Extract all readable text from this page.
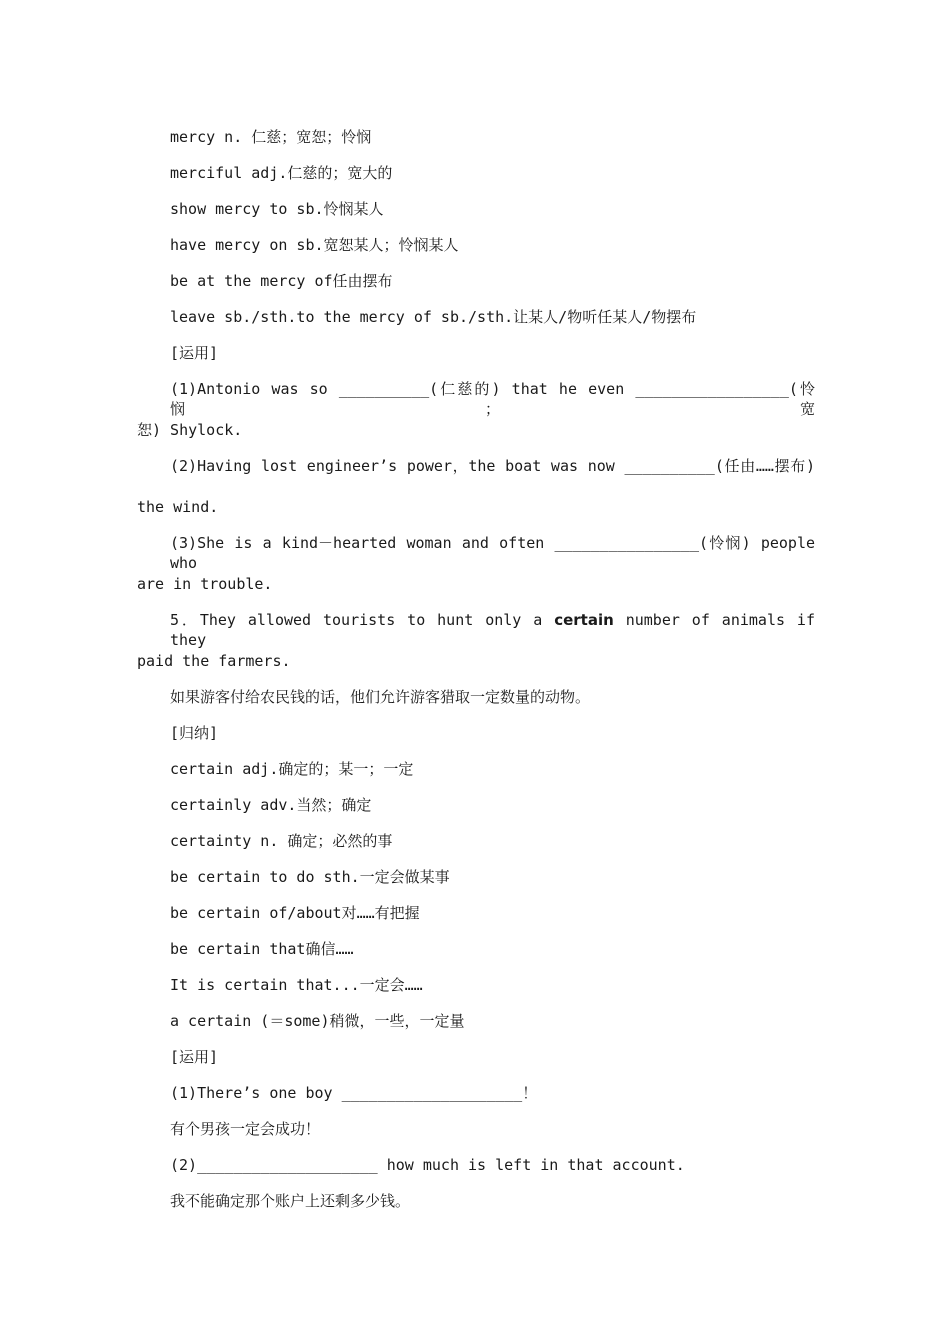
mercy n. 仁慈；宽恕；怜悯
merciful adj.仁慈的；宽大的
show mercy to sb.怜悯某人
have mercy on sb.宽恕某人；怜悯某人
be at the mercy of任由摆布
leave sb./sth.to the mercy of sb./sth.让某人/物听任某人/物摆布
[运用]
(1)Antonio was so __________(仁慈的) that he even _________________(怜悯；宽
恕) Shylock.
(2)Having lost engineer’s power，the boat was now __________(任由……摆布)
the wind.
(3)She is a kind－hearted woman and often ________________(怜悯) people who
are in trouble.
5．They allowed tourists to hunt only a certain number of animals if they
paid the farmers.
如果游客付给农民钱的话，他们允许游客猎取一定数量的动物。
[归纳]
certain adj.确定的；某一；一定
certainly adv.当然；确定
certainty n. 确定；必然的事
be certain to do sth.一定会做某事
be certain of/about对……有把握
be certain that确信……
It is certain that...一定会……
a certain (＝some)稍微，一些，一定量
[运用]
(1)There’s one boy ____________________！
有个男孩一定会成功！
(2)____________________ how much is left in that account.
我不能确定那个账户上还剩多少钱。
